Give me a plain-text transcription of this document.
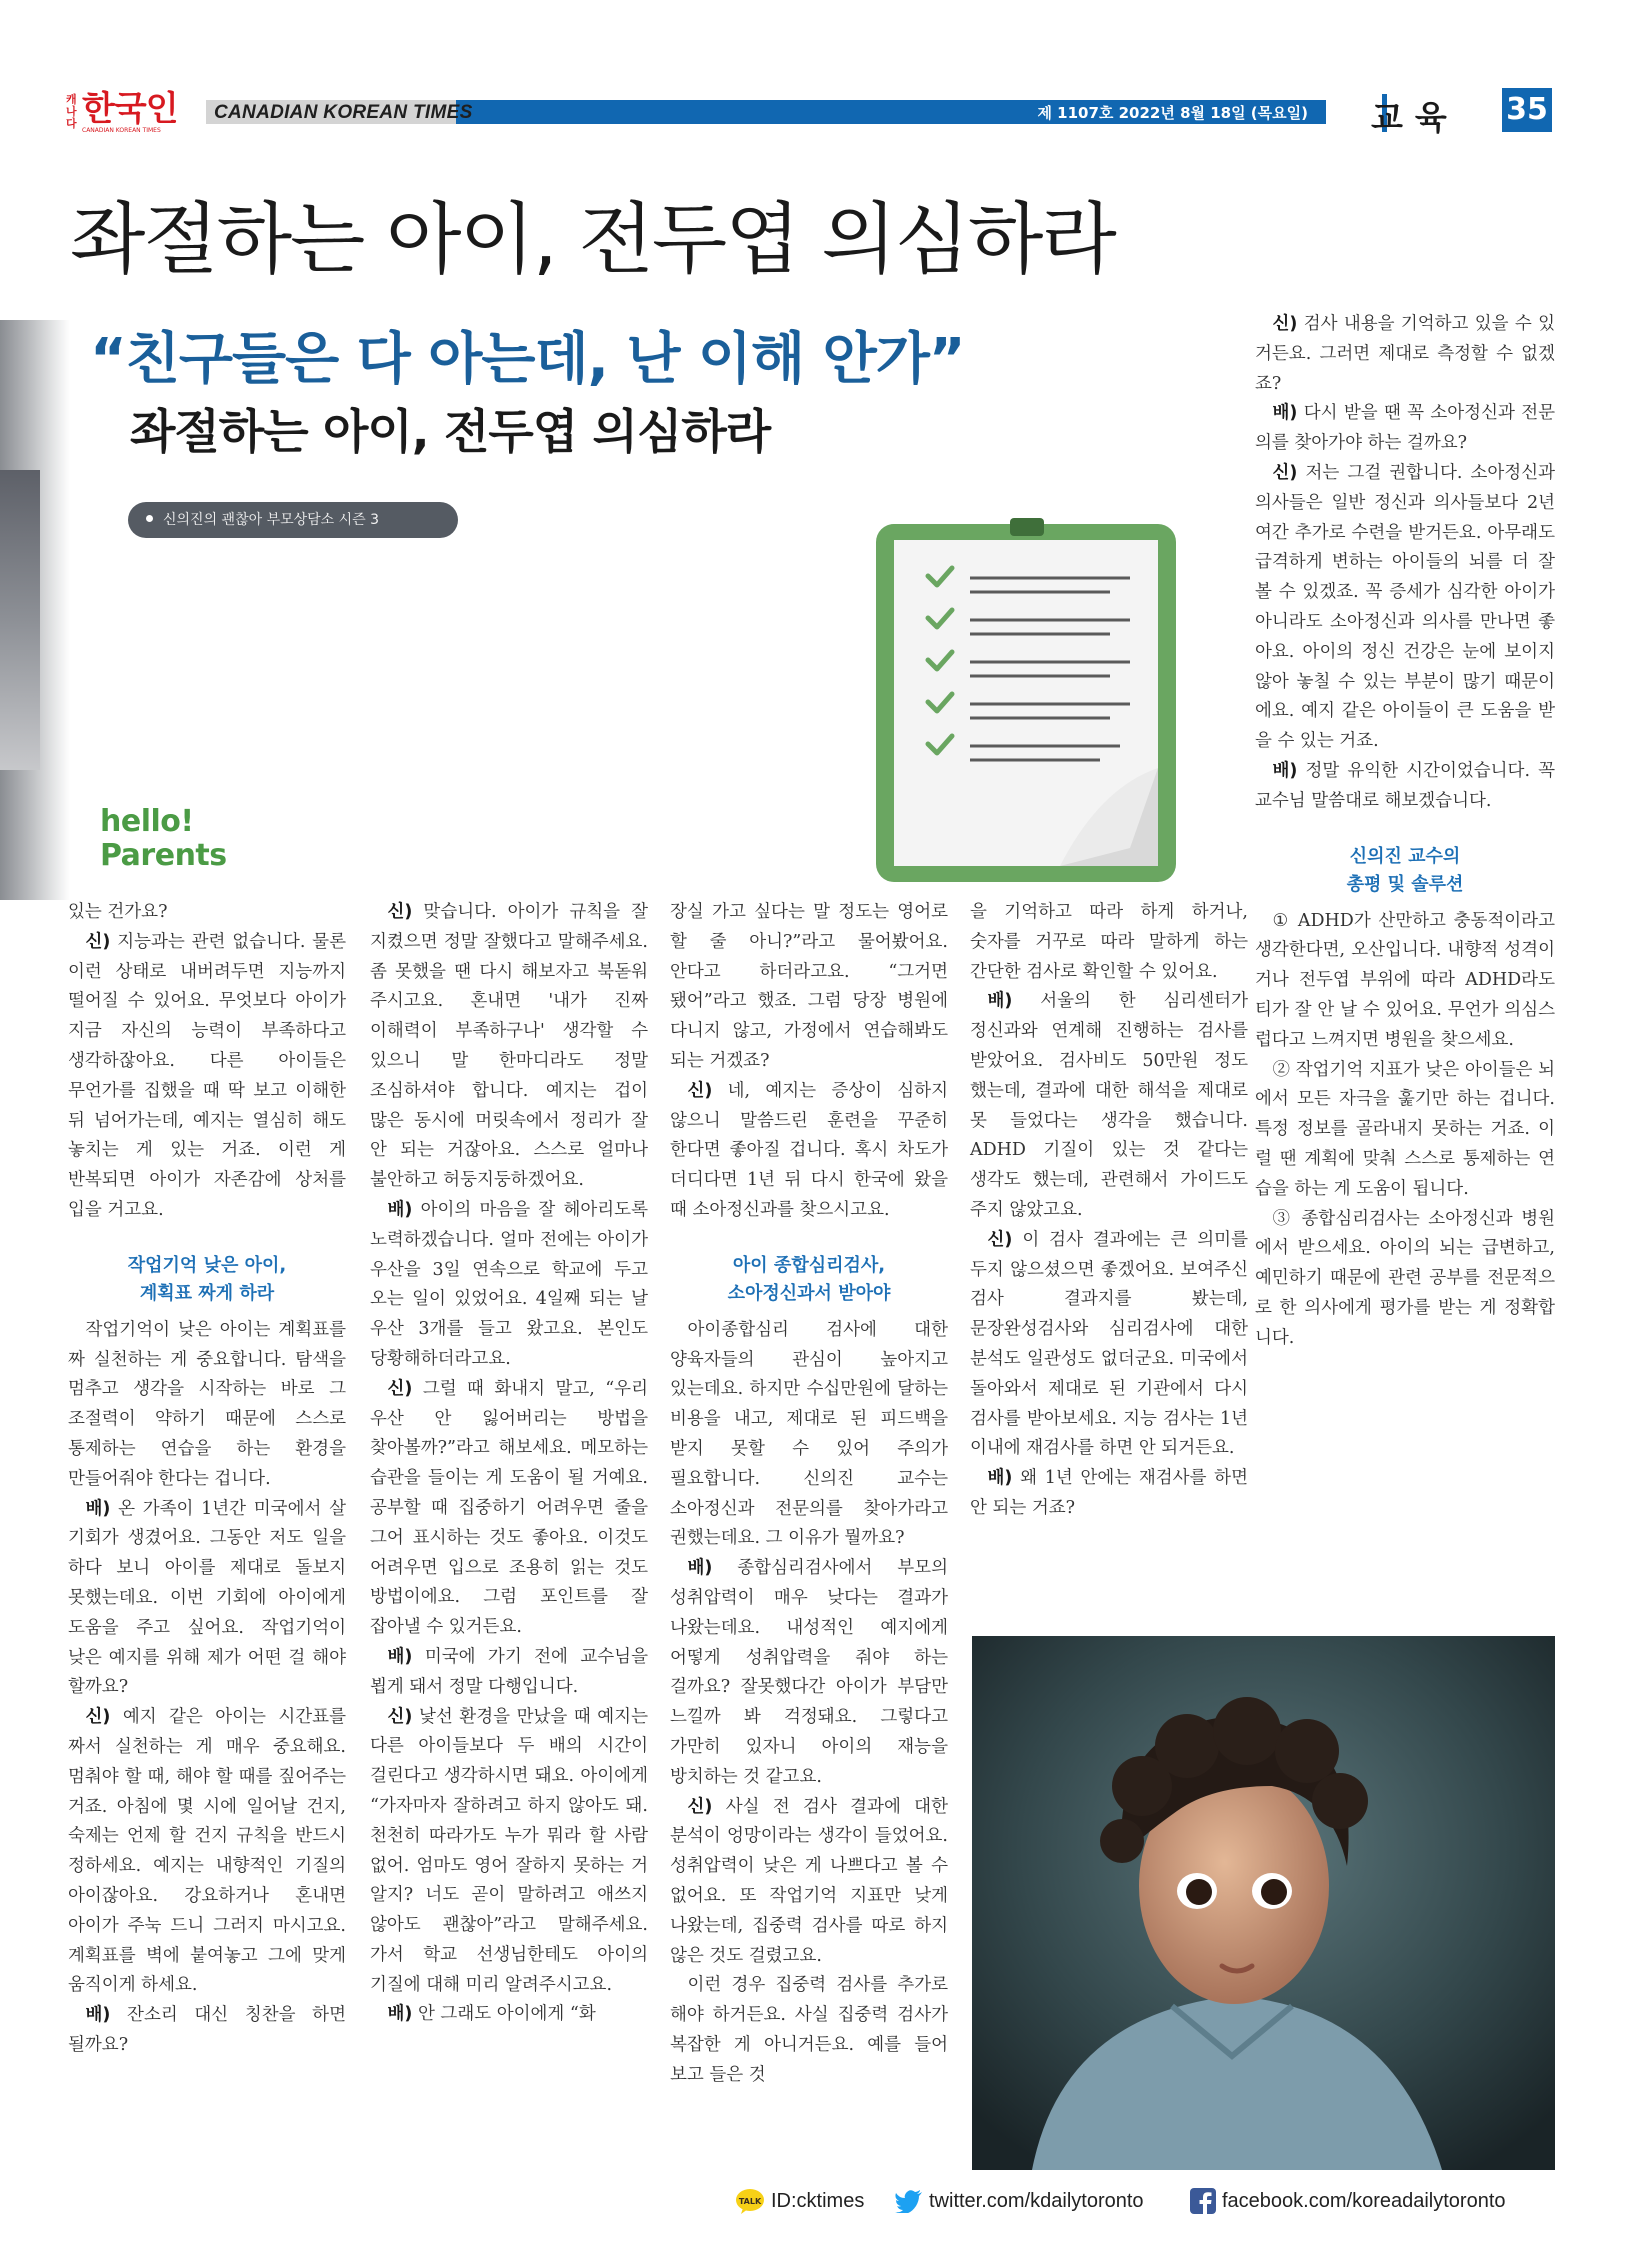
캐나다 한국인
CANADIAN KOREAN TIMES
CANADIAN KOREAN TIMES	제 1107호 2022년 8월 18일 (목요일) 교육 35
좌절하는 아이, 전두엽 의심하라
“친구들은 다 아는데, 난 이해 안가”
좌절하는 아이, 전두엽 의심하라
신의진의 괜찮아 부모상담소 시즌 3
hello!
Parents

있는 건가요?

신) 지능과는 관련 없습니다. 물론 이런 상태로 내버려두면 지능까지 떨어질 수 있어요. 무엇보다 아이가 지금 자신의 능력이 부족하다고 생각하잖아요. 다른 아이들은 무언가를 집했을 때 딱 보고 이해한 뒤 넘어가는데, 예지는 열심히 해도 놓치는 게 있는 거죠. 이런 게 반복되면 아이가 자존감에 상처를 입을 거고요.

작업기억 낮은 아이,
계획표 짜게 하라

작업기억이 낮은 아이는 계획표를 짜 실천하는 게 중요합니다. 탐색을 멈추고 생각을 시작하는 바로 그 조절력이 약하기 때문에 스스로 통제하는 연습을 하는 환경을 만들어줘야 한다는 겁니다.

배) 온 가족이 1년간 미국에서 살 기회가 생겼어요. 그동안 저도 일을 하다 보니 아이를 제대로 돌보지 못했는데요. 이번 기회에 아이에게 도움을 주고 싶어요. 작업기억이 낮은 예지를 위해 제가 어떤 걸 해야 할까요?

신) 예지 같은 아이는 시간표를 짜서 실천하는 게 매우 중요해요. 멈춰야 할 때, 해야 할 때를 짚어주는 거죠. 아침에 몇 시에 일어날 건지, 숙제는 언제 할 건지 규칙을 반드시 정하세요. 예지는 내향적인 기질의 아이잖아요. 강요하거나 혼내면 아이가 주눅 드니 그러지 마시고요. 계획표를 벽에 붙여놓고 그에 맞게 움직이게 하세요.

배) 잔소리 대신 칭찬을 하면 될까요?

신) 맞습니다. 아이가 규칙을 잘 지켰으면 정말 잘했다고 말해주세요. 좀 못했을 땐 다시 해보자고 북돋워 주시고요. 혼내면 '내가 진짜 이해력이 부족하구나' 생각할 수 있으니 말 한마디라도 정말 조심하셔야 합니다. 예지는 겁이 많은 동시에 머릿속에서 정리가 잘 안 되는 거잖아요. 스스로 얼마나 불안하고 허둥지둥하겠어요.

배) 아이의 마음을 잘 헤아리도록 노력하겠습니다. 얼마 전에는 아이가 우산을 3일 연속으로 학교에 두고 오는 일이 있었어요. 4일째 되는 날 우산 3개를 들고 왔고요. 본인도 당황해하더라고요.

신) 그럴 때 화내지 말고, “우리 우산 안 잃어버리는 방법을 찾아볼까?”라고 해보세요. 메모하는 습관을 들이는 게 도움이 될 거예요. 공부할 때 집중하기 어려우면 줄을 그어 표시하는 것도 좋아요. 이것도 어려우면 입으로 조용히 읽는 것도 방법이에요. 그럼 포인트를 잘 잡아낼 수 있거든요.

배) 미국에 가기 전에 교수님을 뵙게 돼서 정말 다행입니다.

신) 낯선 환경을 만났을 때 예지는 다른 아이들보다 두 배의 시간이 걸린다고 생각하시면 돼요. 아이에게 “가자마자 잘하려고 하지 않아도 돼. 천천히 따라가도 누가 뭐라 할 사람 없어. 엄마도 영어 잘하지 못하는 거 알지? 너도 곧이 말하려고 애쓰지 않아도 괜찮아”라고 말해주세요. 가서 학교 선생님한테도 아이의 기질에 대해 미리 알려주시고요.

배) 안 그래도 아이에게 “화

장실 가고 싶다는 말 정도는 영어로 할 줄 아니?”라고 물어봤어요. 안다고 하더라고요. “그거면 됐어”라고 했죠. 그럼 당장 병원에 다니지 않고, 가정에서 연습해봐도 되는 거겠죠?

신) 네, 예지는 증상이 심하지 않으니 말씀드린 훈련을 꾸준히 한다면 좋아질 겁니다. 혹시 차도가 더디다면 1년 뒤 다시 한국에 왔을 때 소아정신과를 찾으시고요.

아이 종합심리검사,
소아정신과서 받아야

아이종합심리 검사에 대한 양육자들의 관심이 높아지고 있는데요. 하지만 수십만원에 달하는 비용을 내고, 제대로 된 피드백을 받지 못할 수 있어 주의가 필요합니다. 신의진 교수는 소아정신과 전문의를 찾아가라고 권했는데요. 그 이유가 뭘까요?

배) 종합심리검사에서 부모의 성취압력이 매우 낮다는 결과가 나왔는데요. 내성적인 예지에게 어떻게 성취압력을 줘야 하는 걸까요? 잘못했다간 아이가 부담만 느낄까 봐 걱정돼요. 그렇다고 가만히 있자니 아이의 재능을 방치하는 것 같고요.

신) 사실 전 검사 결과에 대한 분석이 엉망이라는 생각이 들었어요. 성취압력이 낮은 게 나쁘다고 볼 수 없어요. 또 작업기억 지표만 낮게 나왔는데, 집중력 검사를 따로 하지 않은 것도 걸렸고요.

이런 경우 집중력 검사를 추가로 해야 하거든요. 사실 집중력 검사가 복잡한 게 아니거든요. 예를 들어 보고 들은 것

을 기억하고 따라 하게 하거나, 숫자를 거꾸로 따라 말하게 하는 간단한 검사로 확인할 수 있어요.

배) 서울의 한 심리센터가 정신과와 연계해 진행하는 검사를 받았어요. 검사비도 50만원 정도 했는데, 결과에 대한 해석을 제대로 못 들었다는 생각을 했습니다. ADHD 기질이 있는 것 같다는 생각도 했는데, 관련해서 가이드도 주지 않았고요.

신) 이 검사 결과에는 큰 의미를 두지 않으셨으면 좋겠어요. 보여주신 검사 결과지를 봤는데, 문장완성검사와 심리검사에 대한 분석도 일관성도 없더군요. 미국에서 돌아와서 제대로 된 기관에서 다시 검사를 받아보세요. 지능 검사는 1년 이내에 재검사를 하면 안 되거든요.

배) 왜 1년 안에는 재검사를 하면 안 되는 거죠?

신) 검사 내용을 기억하고 있을 수 있거든요. 그러면 제대로 측정할 수 없겠죠?

배) 다시 받을 땐 꼭 소아정신과 전문의를 찾아가야 하는 걸까요?

신) 저는 그걸 권합니다. 소아정신과 의사들은 일반 정신과 의사들보다 2년여간 추가로 수련을 받거든요. 아무래도 급격하게 변하는 아이들의 뇌를 더 잘 볼 수 있겠죠. 꼭 증세가 심각한 아이가 아니라도 소아정신과 의사를 만나면 좋아요. 아이의 정신 건강은 눈에 보이지 않아 놓칠 수 있는 부분이 많기 때문이에요. 예지 같은 아이들이 큰 도움을 받을 수 있는 거죠.

배) 정말 유익한 시간이었습니다. 꼭 교수님 말씀대로 해보겠습니다.

신의진 교수의
총평 및 솔루션

① ADHD가 산만하고 충동적이라고 생각한다면, 오산입니다. 내향적 성격이거나 전두엽 부위에 따라 ADHD라도 티가 잘 안 날 수 있어요. 무언가 의심스럽다고 느껴지면 병원을 찾으세요.

② 작업기억 지표가 낮은 아이들은 뇌에서 모든 자극을 훑기만 하는 겁니다. 특정 정보를 골라내지 못하는 거죠. 이럴 땐 계획에 맞춰 스스로 통제하는 연습을 하는 게 도움이 됩니다.

③ 종합심리검사는 소아정신과 병원에서 받으세요. 아이의 뇌는 급변하고, 예민하기 때문에 관련 공부를 전문적으로 한 의사에게 평가를 받는 게 정확합니다.

TALK ID:cktimes	twitter.com/kdailytoronto	facebook.com/koreadailytoronto
